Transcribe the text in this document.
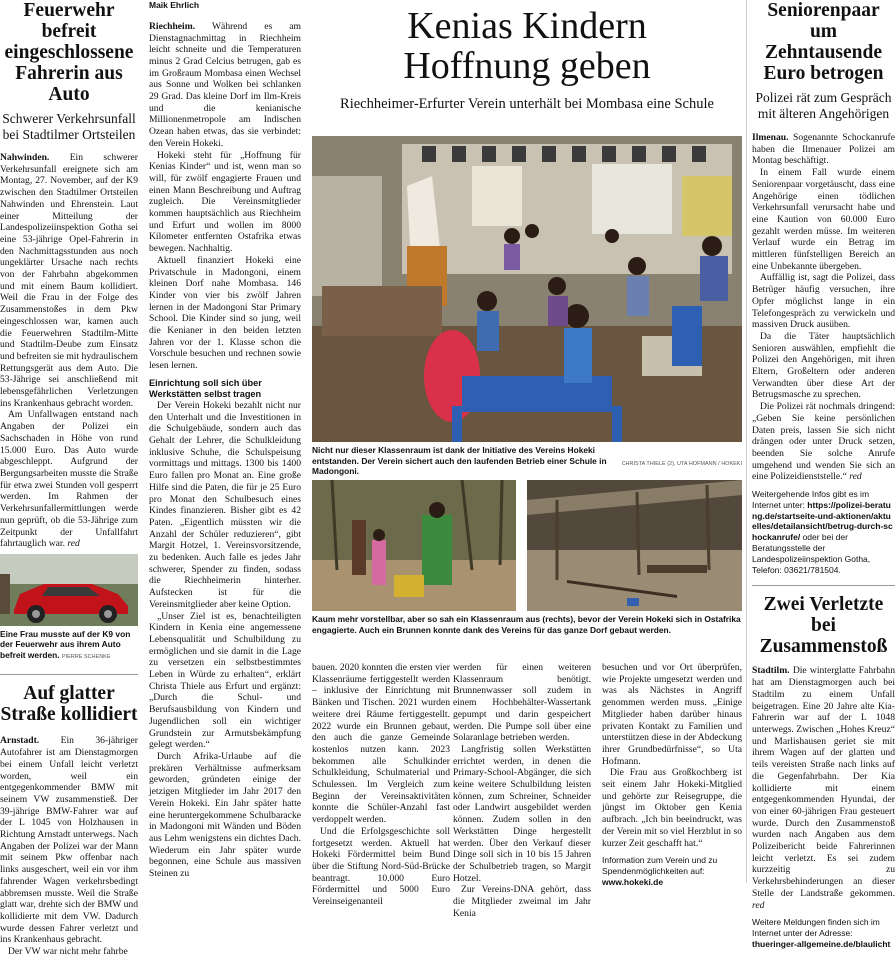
Feuerwehr befreit eingeschlossene Fahrerin aus Auto

Schwerer Verkehrsunfall bei Stadtilmer Ortsteilen

Nahwinden. Ein schwerer Verkehrsunfall ereignete sich am Montag, 27. November, auf der K9 zwischen den Stadtilmer Ortsteilen Nahwinden und Ehrenstein. Laut einer Mitteilung der Landespolizeiinspektion Gotha sei eine 53-jährige Opel-Fahrerin in den Nachmittagsstunden aus noch ungeklärter Ursache nach rechts von der Fahrbahn abgekommen und mit einem Baum kollidiert. Weil die Frau in der Folge des Zusammenstoßes in dem Pkw eingeschlossen war, kamen auch die Feuerwehren Stadtilm-Mitte und Stadtilm-Deube zum Einsatz und befreiten sie mit hydraulischem Rettungsgerät aus dem Auto. Die 53-Jährige sei anschließend mit lebensgefährlichen Verletzungen ins Krankenhaus gebracht worden.

Am Unfallwagen entstand nach Angaben der Polizei ein Sachschaden in Höhe von rund 15.000 Euro. Das Auto wurde abgeschleppt. Aufgrund der Bergungsarbeiten musste die Straße für etwa zwei Stunden voll gesperrt werden. Im Rahmen der Verkehrsunfallermittlungen werde nun geprüft, ob die 53-Jährige zum Zeitpunkt der Unfallfahrt fahrtauglich war. red

Eine Frau musste auf der K9 von der Feuerwehr aus ihrem Auto befreit werden. PIERRE SCHENKE

Auf glatter Straße kollidiert

Arnstadt. Ein 36-jähriger Autofahrer ist am Dienstagmorgen bei einem Unfall leicht verletzt worden, weil ein entgegenkommender BMW mit seinem VW zusammenstieß. Der 39-jährige BMW-Fahrer war auf der L 1045 von Holzhausen in Richtung Arnstadt unterwegs. Nach Angaben der Polizei war der Mann mit seinem Pkw offenbar nach links ausgeschert, weil ein vor ihm fahrender Wagen verkehrsbedingt abbremsen musste. Weil die Straße glatt war, drehte sich der BMW und kollidierte mit dem VW. Dadurch wurde dessen Fahrer verletzt und ins Krankenhaus gebracht.

Der VW war nicht mehr fahrbe

Maik Ehrlich

Riechheim. Während es am Dienstagnachmittag in Riechheim leicht schneite und die Temperaturen minus 2 Grad Celcius betrugen, gab es im Großraum Mombasa einen Wechsel aus Sonne und Wolken bei schlanken 29 Grad. Das kleine Dorf im Ilm-Kreis und die kenianische Millionenmetropole am Indischen Ozean haben etwas, das sie verbindet: den Verein Hokeki.

Hokeki steht für „Hoffnung für Kenias Kinder“ und ist, wenn man so will, für zwölf engagierte Frauen und einen Mann Beschreibung und Auftrag zugleich. Die Vereinsmitglieder kommen hauptsächlich aus Riechheim und Erfurt und wollen im 8000 Kilometer entfernten Ostafrika etwas bewegen. Nachhaltig.

Aktuell finanziert Hokeki eine Privatschule in Madongoni, einem kleinen Dorf nahe Mombasa. 146 Kinder von vier bis zwölf Jahren lernen in der Madongoni Star Primary School. Die Kinder sind so jung, weil die Kenianer in den beiden letzten Jahren vor der 1. Klasse schon die Vorschule besuchen und rechnen sowie lesen lernen.

Einrichtung soll sich über Werkstätten selbst tragen

Der Verein Hokeki bezahlt nicht nur den Unterhalt und die Investitionen in die Schulgebäude, sondern auch das Gehalt der Lehrer, die Schulkleidung inklusive Schuhe, die Schulspeisung vormittags und mittags. 1300 bis 1400 Euro fallen pro Monat an. Eine große Hilfe sind die Paten, die für je 25 Euro pro Monat den Schulbesuch eines Kindes finanzieren. Bisher gibt es 42 Paten. „Eigentlich müssten wir die Anzahl der Schüler reduzieren“, gibt Margit Hotzel, 1. Vereinsvorsitzende, zu bedenken. Auch falle es jedes Jahr schwerer, Spender zu finden, sodass die Riechheimerin hinterher. Aufstecken ist für die Vereinsmitglieder aber keine Option.

„Unser Ziel ist es, benachteiligten Kindern in Kenia eine angemessene Lebensqualität und Schulbildung zu ermöglichen und sie damit in die Lage zu versetzen ein selbstbestimmtes Leben in Würde zu erhalten“, erklärt Christa Thiele aus Erfurt und ergänzt: „Durch die Schul- und Berufsausbildung von Kindern und Jugendlichen soll ein wichtiger Grundstein zur Armutsbekämpfung gelegt werden.“

Durch Afrika-Urlaube auf die prekären Verhältnisse aufmerksam geworden, gründeten einige der jetzigen Mitglieder im Jahr 2017 den Verein Hokeki. Ein Jahr später hatte eine heruntergekommene Schulbaracke in Madongoni mit Wänden und Böden aus Lehm wenigstens ein dichtes Dach. Wiederum ein Jahr später wurde begonnen, eine Schule aus massiven Steinen zu

Kenias Kindern Hoffnung geben

Riechheimer-Erfurter Verein unterhält bei Mombasa eine Schule

CHRISTA THIELE (2), UTA HOFMANN / HOKEKI
Nicht nur dieser Klassenraum ist dank der Initiative des Vereins Hokeki entstanden. Der Verein sichert auch den laufenden Betrieb einer Schule in Madongoni.

Kaum mehr vorstellbar, aber so sah ein Klassenraum aus (rechts), bevor der Verein Hokeki sich in Ostafrika engagierte. Auch ein Brunnen konnte dank des Vereins für das ganze Dorf gebaut werden.

bauen. 2020 konnten die ersten vier Klassenräume fertiggestellt werden – inklusive der Einrichtung mit Bänken und Tischen. 2021 wurden weitere drei Räume fertiggestellt. 2022 wurde ein Brunnen gebaut, den auch die ganze Gemeinde kostenlos nutzen kann. 2023 bekommen alle Schulkinder Schulkleidung, Schulmaterial und Schulessen. Im Vergleich zum Beginn der Vereinsaktivitäten konnte die Schüler-Anzahl fast verdoppelt werden.

Und die Erfolgsgeschichte soll fortgesetzt werden. Aktuell hat Hokeki Fördermittel beim Bund über die Stiftung Nord-Süd-Brücke beantragt. 10.000 Euro Fördermittel und 5000 Euro Vereinseigenanteil

werden für einen weiteren Klassenraum benötigt. Brunnenwasser soll zudem in einem Hochbehälter-Wassertank gepumpt und darin gespeichert werden. Die Pumpe soll über eine Solaranlage betrieben werden.

Langfristig sollen Werkstätten errichtet werden, in denen die Primary-School-Abgänger, die sich keine weitere Schulbildung leisten können, zum Schreiner, Schneider oder Landwirt ausgebildet werden können. Zudem sollen in den Werkstätten Dinge hergestellt werden. Über den Verkauf dieser Dinge soll sich in 10 bis 15 Jahren der Schulbetrieb tragen, so Margit Hotzel.

Zur Vereins-DNA gehört, dass die Mitglieder zweimal im Jahr Kenia

besuchen und vor Ort überprüfen, wie Projekte umgesetzt werden und was als Nächstes in Angriff genommen werden muss. „Einige Mitglieder haben darüber hinaus privaten Kontakt zu Familien und unterstützen diese in der Abdeckung ihrer Grundbedürfnisse“, so Uta Hofmann.

Die Frau aus Großkochberg ist seit einem Jahr Hokeki-Mitglied und gehörte zur Reisegruppe, die jüngst im Oktober gen Kenia aufbrach. „Ich bin beeindruckt, was der Verein mit so viel Herzblut in so kurzer Zeit geschafft hat.“

Information zum Verein und zu Spendenmöglichkeiten auf: www.hokeki.de

Seniorenpaar um Zehntausende Euro betrogen

Polizei rät zum Gespräch mit älteren Angehörigen

Ilmenau. Sogenannte Schockanrufe haben die Ilmenauer Polizei am Montag beschäftigt.

In einem Fall wurde einem Seniorenpaar vorgetäuscht, dass eine Angehörige einen tödlichen Verkehrsunfall verursacht habe und eine Kaution von 60.000 Euro gezahlt werden müsse. Im weiteren Verlauf wurde ein Betrag im mittleren fünfstelligen Bereich an eine Unbekannte übergeben.

Auffällig ist, sagt die Polizei, dass Betrüger häufig versuchen, ihre Opfer möglichst lange in ein Telefongespräch zu verwickeln und massiven Druck ausüben.

Da die Täter hauptsächlich Senioren auswählen, empfiehlt die Polizei den Angehörigen, mit ihren Eltern, Großeltern oder anderen Verwandten über diese Art der Betrugsmasche zu sprechen.

Die Polizei rät nochmals dringend: „Geben Sie keine persönlichen Daten preis, lassen Sie sich nicht drängen oder unter Druck setzen, beenden Sie solche Anrufe umgehend und wenden Sie sich an eine Polizeidienststelle.“ red

Weitergehende Infos gibt es im Internet unter: https://polizei-beratung.de/startseite-und-aktionen/aktuelles/detailansicht/betrug-durch-schockanrufe/ oder bei der Beratungsstelle der Landespolizeiinspektion Gotha, Telefon: 03621/781504.

Zwei Verletzte bei Zusammenstoß

Stadtilm. Die winterglatte Fahrbahn hat am Dienstagmorgen auch bei Stadtilm zu einem Unfall beigetragen. Eine 20 Jahre alte Kia-Fahrerin war auf der L 1048 unterwegs. Zwischen „Hohes Kreuz“ und Marlishausen geriet sie mit ihrem Wagen auf der glatten und teils vereisten Straße nach links auf die Gegenfahrbahn. Der Kia kollidierte mit einem entgegenkommenden Hyundai, der von einer 60-jährigen Frau gesteuert wurde. Durch den Zusammenstoß wurden nach Angaben aus dem Polizeibericht beide Fahrerinnen leicht verletzt. Es sei zudem kurzzeitig zu Verkehrsbehinderungen an dieser Stelle der Landstraße gekommen. red

Weitere Meldungen finden sich im Internet unter der Adresse: thueringer-allgemeine.de/blaulicht
